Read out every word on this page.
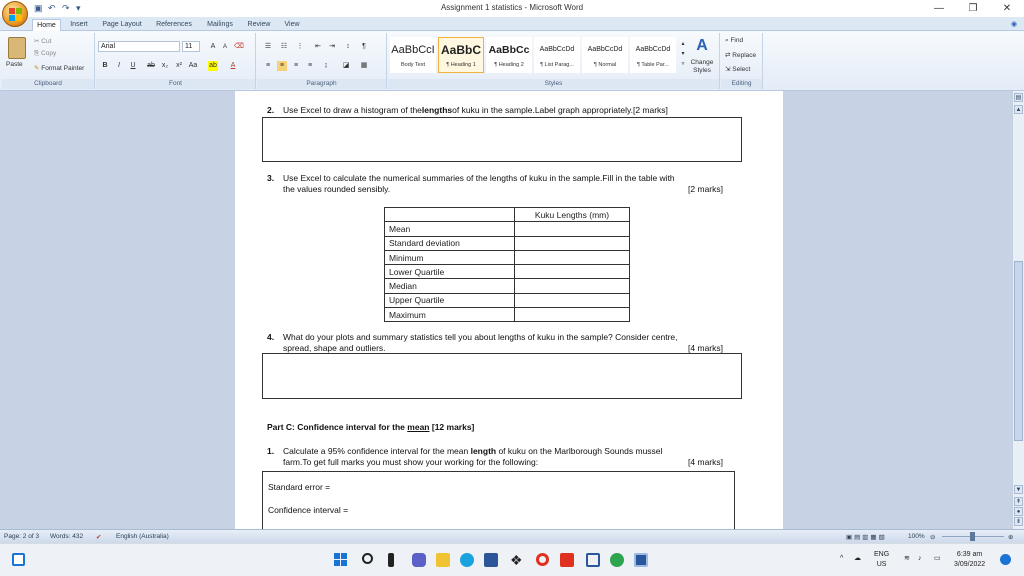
▣ ↶ ↷ ▾	Assignment 1 statistics - Microsoft Word	—	❐	✕
Home	Insert	Page Layout	References	Mailings	Review	View	◉
Paste
✂ Cut
⎘ Copy
✎ Format Painter
Clipboard
Arial	11	A	A	⌫
B	I	U	ab x₂ x² Aa ab	A
Font
☰ ☷ ⋮ ⇤ ⇥	↕	¶
≡	≡	≡	≡	↨	◪ ▦
Paragraph
AaBbCcI
Body Text
AaBbC
¶ Heading 1
AaBbCc
¶ Heading 2
AaBbCcDd
¶ List Parag...
AaBbCcDd
¶ Normal
AaBbCcDd
¶ Table Par...
▴
▾
▿
A
Change Styles
Styles
⌕ Find
⇄ Replace
⇲ Select
Editing
2. Use Excel to draw a histogram of thelengthsof kuku in the sample.Label graph appropriately.[2 marks]
3.	Use Excel to calculate the numerical summaries of the lengths of kuku in the sample.Fill in the table with
the values rounded sensibly.	[2 marks]
	Kuku Lengths (mm)
Mean	
Standard deviation	
Minimum	
Lower Quartile	
Median	
Upper Quartile	
Maximum	
4.	What do your plots and summary statistics tell you about lengths of kuku in the sample? Consider centre,
spread, shape and outliers.	[4 marks]
Part C: Confidence interval for the mean [12 marks]
1.	Calculate a 95% confidence interval for the mean length of kuku on the Marlborough Sounds mussel
farm.To get full marks you must show your working for the following:	[4 marks]
Standard error =
Confidence interval =
▤
▲
▼
⇞
●
⇟
Page: 2 of 3 Words: 432 ✔ English (Australia)	▣▤▥▦▧	100% ⊖	⊕
❖	^ ☁
ENG
US
≋ ♪ ▭
6:39 am
3/09/2022
